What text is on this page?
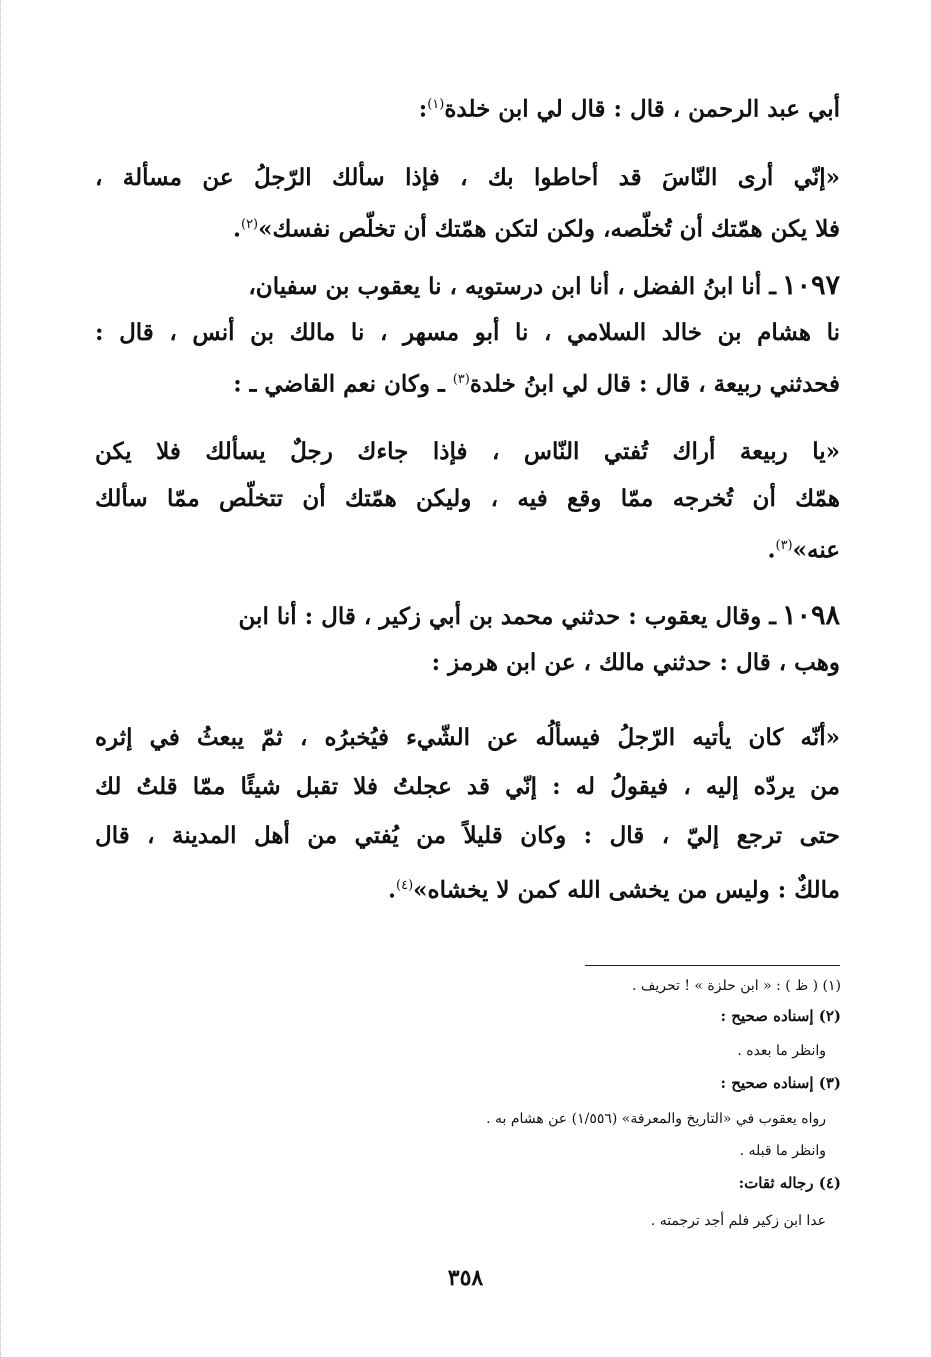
أبي عبد الرحمن ، قال : قال لي ابن خلدة$^{(١)}$:
«إنّي أرى النّاسَ قد أحاطوا بك ، فإذا سألك الرّجلُ عن مسألة ،
فلا يكن همّتك أن تُخلّصه، ولكن لتكن همّتك أن تخلّص نفسك»$^{(٢)}$.
١٠٩٧ـ أنا ابنُ الفضل ، أنا ابن درستويه ، نا يعقوب بن سفيان،
نا هشام بن خالد السلامي ، نا أبو مسهر ، نا مالك بن أنس ، قال :
فحدثني ربيعة ، قال : قال لي ابنُ خلدة$^{(٣)}$ ـ وكان نعم القاضي ـ :
«يا ربيعة أراك تُفتي النّاس ، فإذا جاءك رجلٌ يسألك فلا يكن
همّك أن تُخرجه ممّا وقع فيه ، وليكن همّتك أن تتخلّص ممّا سألك
عنه»$^{(٣)}$.
١٠٩٨ـ وقال يعقوب : حدثني محمد بن أبي زكير ، قال : أنا ابن
وهب ، قال : حدثني مالك ، عن ابن هرمز :
«أنّه كان يأتيه الرّجلُ فيسألُه عن الشّيء فيُخبرُه ، ثمّ يبعثُ في إثره
من يردّه إليه ، فيقولُ له : إنّي قد عجلتُ فلا تقبل شيئًا ممّا قلتُ لك
حتى ترجع إليّ ، قال : وكان قليلاً من يُفتي من أهل المدينة ، قال
مالكٌ : وليس من يخشى الله كمن لا يخشاه»$^{(٤)}$.
(١) ( ظ ) : « ابن حلزة » ! تحريف .
(٢) إسناده صحيح :
وانظر ما بعده .
(٣) إسناده صحيح :
رواه يعقوب في «التاريخ والمعرفة» (١/٥٥٦) عن هشام به .
وانظر ما قبله .
(٤) رجاله ثقات:
عدا ابن زكير فلم أجد ترجمته .
٣٥٨
